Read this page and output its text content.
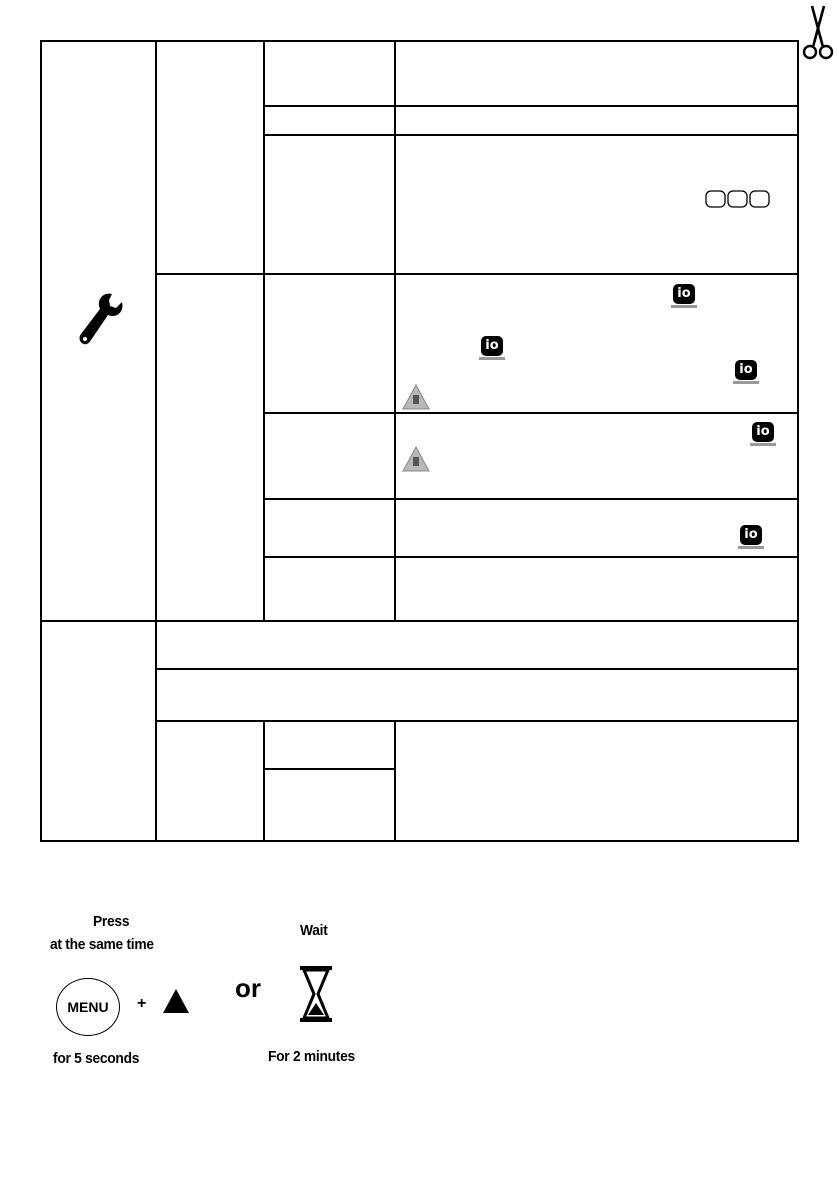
io
io
io
io
io
Press
at the same time
MENU	+
for 5 seconds
or
Wait
For 2 minutes
